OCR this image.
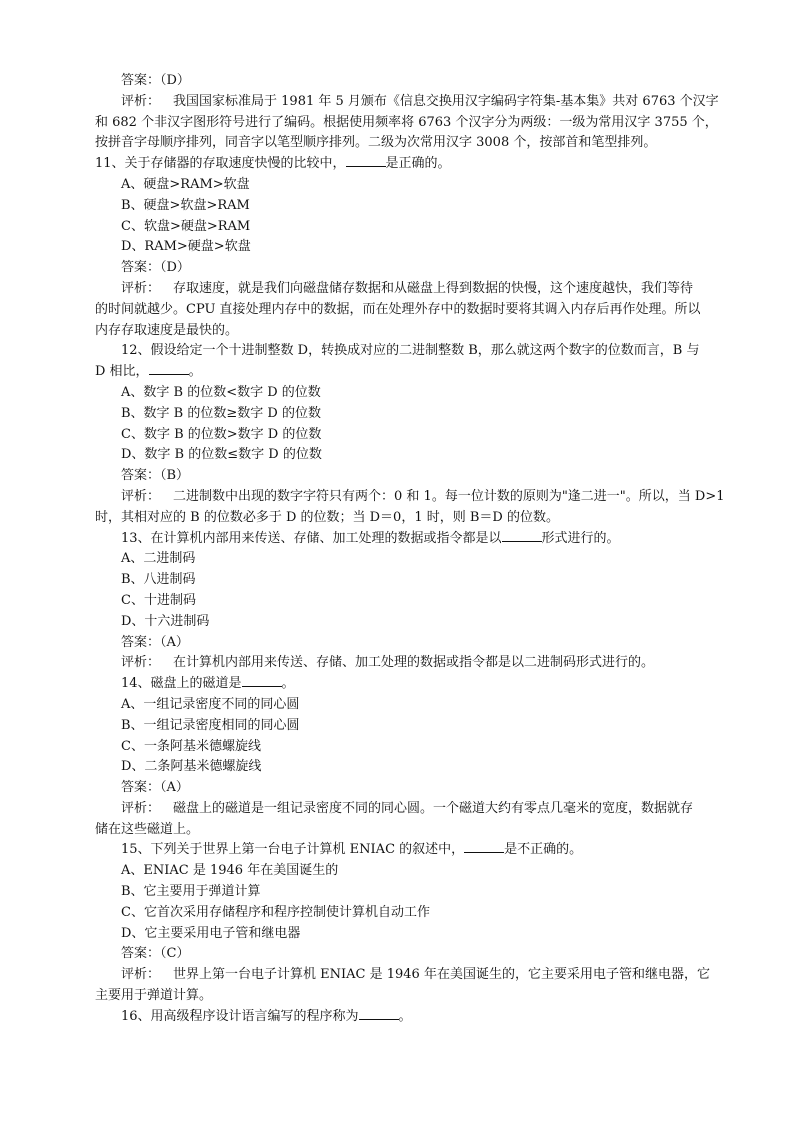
答案：（D）
评析： 我国国家标准局于 1981 年 5 月颁布《信息交换用汉字编码字符集-基本集》共对 6763 个汉字
和 682 个非汉字图形符号进行了编码。根据使用频率将 6763 个汉字分为两级：一级为常用汉字 3755 个，
按拼音字母顺序排列，同音字以笔型顺序排列。二级为次常用汉字 3008 个，按部首和笔型排列。
11、关于存储器的存取速度快慢的比较中，	是正确的。
A、硬盘>RAM>软盘
B、硬盘>软盘>RAM
C、软盘>硬盘>RAM
D、RAM>硬盘>软盘
答案：（D）
评析： 存取速度，就是我们向磁盘储存数据和从磁盘上得到数据的快慢，这个速度越快，我们等待
的时间就越少。CPU 直接处理内存中的数据，而在处理外存中的数据时要将其调入内存后再作处理。所以
内存存取速度是最快的。
12、假设给定一个十进制整数 D，转换成对应的二进制整数 B，那么就这两个数字的位数而言，B 与
D 相比，	。
A、数字 B 的位数<数字 D 的位数
B、数字 B 的位数≥数字 D 的位数
C、数字 B 的位数>数字 D 的位数
D、数字 B 的位数≤数字 D 的位数
答案：（B）
评析： 二进制数中出现的数字字符只有两个：0 和 1。每一位计数的原则为"逢二进一"。所以，当 D>1
时，其相对应的 B 的位数必多于 D 的位数；当 D＝0，1 时，则 B＝D 的位数。
13、在计算机内部用来传送、存储、加工处理的数据或指令都是以	形式进行的。
A、二进制码
B、八进制码
C、十进制码
D、十六进制码
答案：（A）
评析： 在计算机内部用来传送、存储、加工处理的数据或指令都是以二进制码形式进行的。
14、磁盘上的磁道是	。
A、一组记录密度不同的同心圆
B、一组记录密度相同的同心圆
C、一条阿基米德螺旋线
D、二条阿基米德螺旋线
答案：（A）
评析： 磁盘上的磁道是一组记录密度不同的同心圆。一个磁道大约有零点几毫米的宽度，数据就存
储在这些磁道上。
15、下列关于世界上第一台电子计算机 ENIAC 的叙述中，	是不正确的。
A、ENIAC 是 1946 年在美国诞生的
B、它主要用于弹道计算
C、它首次采用存储程序和程序控制使计算机自动工作
D、它主要采用电子管和继电器
答案：（C）
评析： 世界上第一台电子计算机 ENIAC 是 1946 年在美国诞生的，它主要采用电子管和继电器，它
主要用于弹道计算。
16、用高级程序设计语言编写的程序称为	。
